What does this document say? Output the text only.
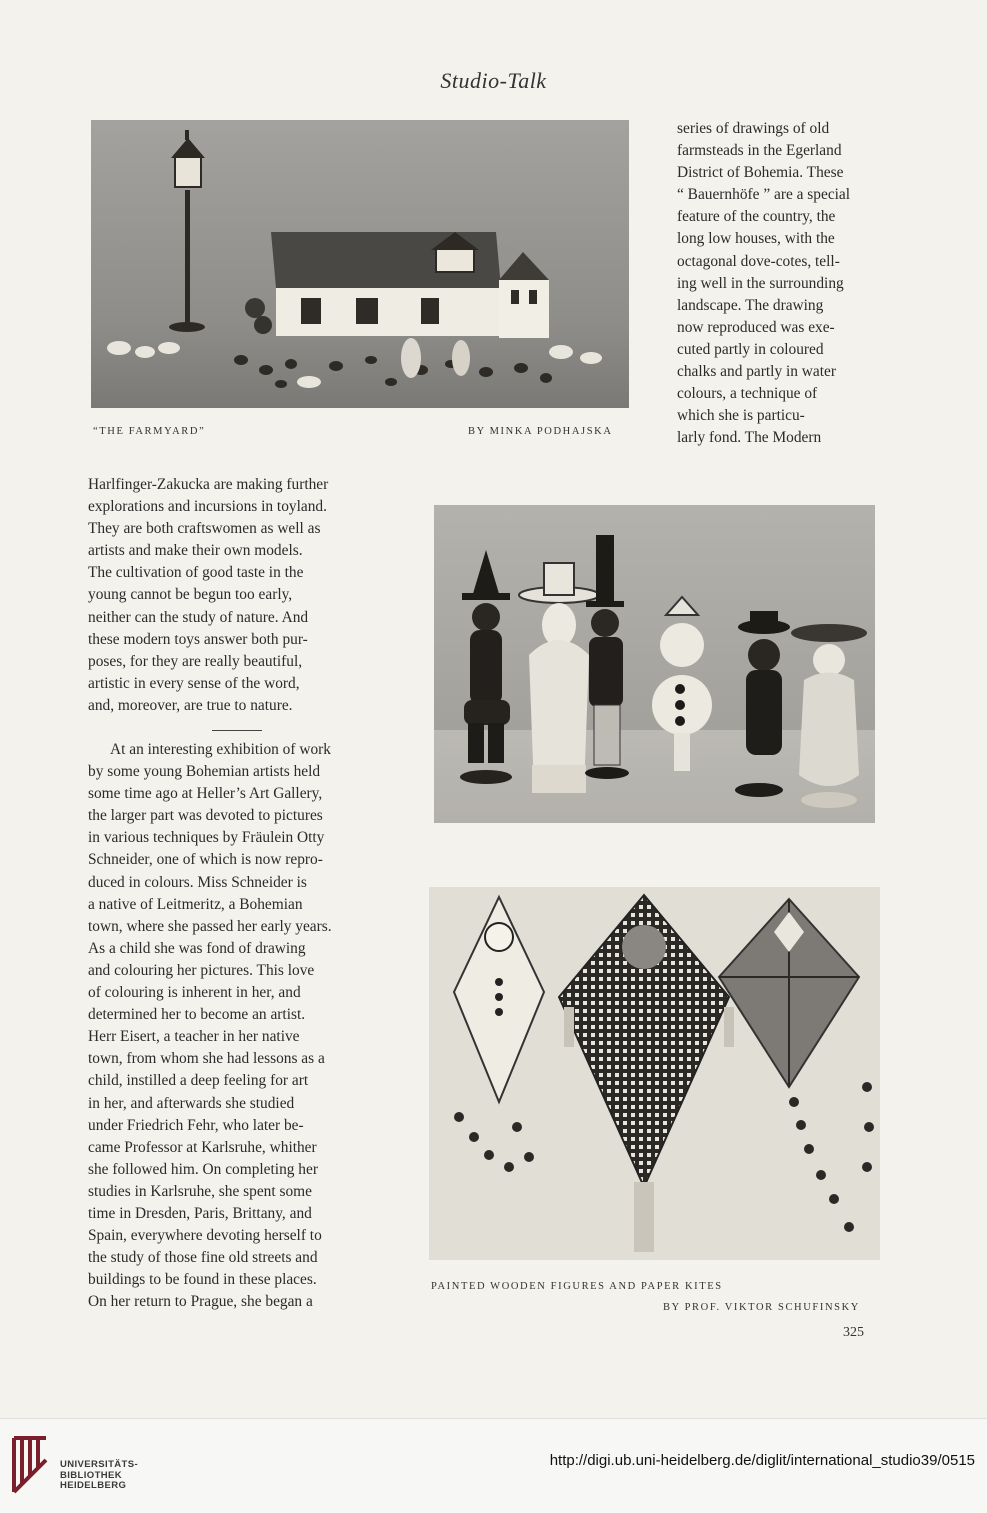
Studio-Talk
“THE FARMYARD”	BY MINKA PODHAJSKA

series of drawings of old

farmsteads in the Egerland

District of Bohemia. These

“ Bauernhöfe ” are a special

feature of the country, the

long low houses, with the

octagonal dove-cotes, tell-

ing well in the surrounding

landscape. The drawing

now reproduced was exe-

cuted partly in coloured

chalks and partly in water

colours, a technique of

which she is particu-

larly fond. The Modern

Harlfinger-Zakucka are making further

explorations and incursions in toyland.

They are both craftswomen as well as

artists and make their own models.

The cultivation of good taste in the

young cannot be begun too early,

neither can the study of nature. And

these modern toys answer both pur-

poses, for they are really beautiful,

artistic in every sense of the word,

and, moreover, are true to nature.

At an interesting exhibition of work

by some young Bohemian artists held

some time ago at Heller’s Art Gallery,

the larger part was devoted to pictures

in various techniques by Fräulein Otty

Schneider, one of which is now repro-

duced in colours. Miss Schneider is

a native of Leitmeritz, a Bohemian

town, where she passed her early years.

As a child she was fond of drawing

and colouring her pictures. This love

of colouring is inherent in her, and

determined her to become an artist.

Herr Eisert, a teacher in her native

town, from whom she had lessons as a

child, instilled a deep feeling for art

in her, and afterwards she studied

under Friedrich Fehr, who later be-

came Professor at Karlsruhe, whither

she followed him. On completing her

studies in Karlsruhe, she spent some

time in Dresden, Paris, Brittany, and

Spain, everywhere devoting herself to

the study of those fine old streets and

buildings to be found in these places.

On her return to Prague, she began a

PAINTED WOODEN FIGURES AND PAPER KITES
BY PROF. VIKTOR SCHUFINSKY
325
UNIVERSITÄTS-
BIBLIOTHEK
HEIDELBERG
http://digi.ub.uni-heidelberg.de/diglit/international_studio39/0515
